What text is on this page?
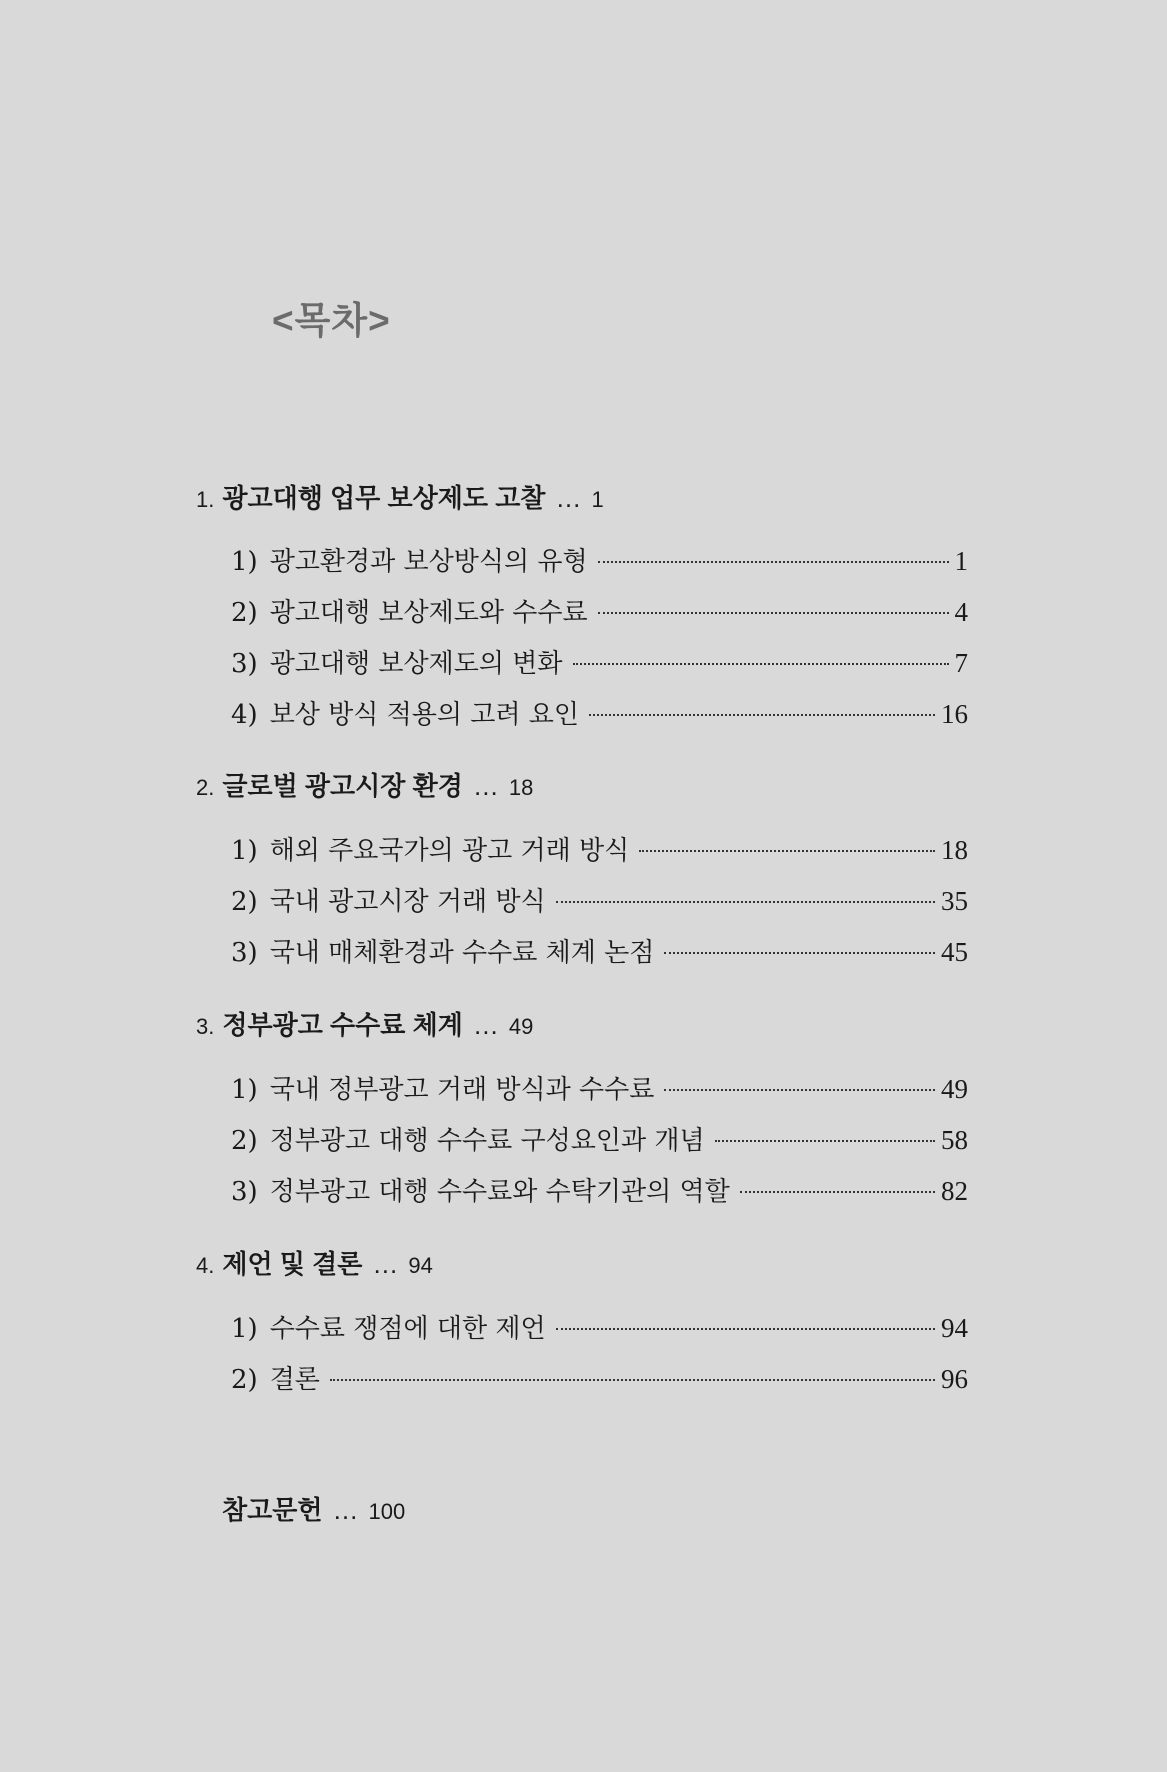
<목차>
1. 광고대행 업무 보상제도 고찰 … 1
1) 광고환경과 보상방식의 유형	1
2) 광고대행 보상제도와 수수료	4
3) 광고대행 보상제도의 변화	7
4) 보상 방식 적용의 고려 요인	16
2. 글로벌 광고시장 환경 … 18
1) 해외 주요국가의 광고 거래 방식	18
2) 국내 광고시장 거래 방식	35
3) 국내 매체환경과 수수료 체계 논점	45
3. 정부광고 수수료 체계 … 49
1) 국내 정부광고 거래 방식과 수수료	49
2) 정부광고 대행 수수료 구성요인과 개념	58
3) 정부광고 대행 수수료와 수탁기관의 역할	82
4. 제언 및 결론 … 94
1) 수수료 쟁점에 대한 제언	94
2) 결론	96
참고문헌 … 100
